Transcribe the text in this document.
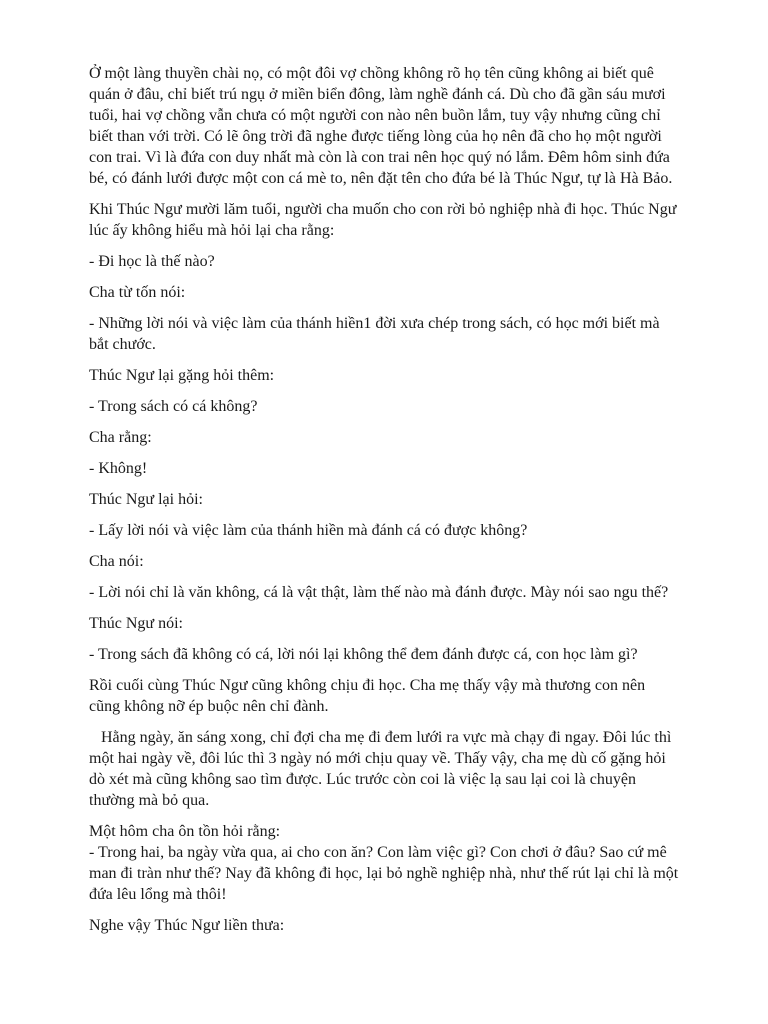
Ở một làng thuyền chài nọ, có một đôi vợ chồng không rõ họ tên cũng không ai biết quê quán ở đâu, chỉ biết trú ngụ ở miền biển đông, làm nghề đánh cá. Dù cho đã gần sáu mươi tuổi, hai vợ chồng vẫn chưa có một người con nào nên buồn lắm, tuy vậy nhưng cũng chỉ biết than với trời. Có lẽ ông trời đã nghe được tiếng lòng của họ nên đã cho họ một người con trai. Vì là đứa con duy nhất mà còn là con trai nên học quý nó lắm. Đêm hôm sinh đứa bé, có đánh lưới được một con cá mè to, nên đặt tên cho đứa bé là Thúc Ngư, tự là Hà Bảo.

Khi Thúc Ngư mười lăm tuổi, người cha muốn cho con rời bỏ nghiệp nhà đi học. Thúc Ngư lúc ấy không hiểu mà hỏi lại cha rằng:

- Đi học là thế nào?

Cha từ tốn nói:

- Những lời nói và việc làm của thánh hiền1 đời xưa chép trong sách, có học mới biết mà bắt chước.

Thúc Ngư lại gặng hỏi thêm:

- Trong sách có cá không?

Cha rằng:

- Không!

Thúc Ngư lại hỏi:

- Lấy lời nói và việc làm của thánh hiền mà đánh cá có được không?

Cha nói:

- Lời nói chỉ là văn không, cá là vật thật, làm thế nào mà đánh được. Mày nói sao ngu thế?

Thúc Ngư nói:

- Trong sách đã không có cá, lời nói lại không thể đem đánh được cá, con học làm gì?

Rồi cuối cùng Thúc Ngư cũng không chịu đi học. Cha mẹ thấy vậy mà thương con nên cũng không nỡ ép buộc nên chỉ đành.

Hằng ngày, ăn sáng xong, chỉ đợi cha mẹ đi đem lưới ra vực mà chạy đi ngay. Đôi lúc thì một hai ngày về, đôi lúc thì 3 ngày nó mới chịu quay về. Thấy vậy, cha mẹ dù cố gặng hỏi dò xét mà cũng không sao tìm được. Lúc trước còn coi là việc lạ sau lại coi là chuyện thường mà bỏ qua.

Một hôm cha ôn tồn hỏi rằng:

- Trong hai, ba ngày vừa qua, ai cho con ăn? Con làm việc gì? Con chơi ở đâu? Sao cứ mê man đi tràn như thế? Nay đã không đi học, lại bỏ nghề nghiệp nhà, như thế rút lại chỉ là một đứa lêu lổng mà thôi!

Nghe vậy Thúc Ngư liền thưa:
